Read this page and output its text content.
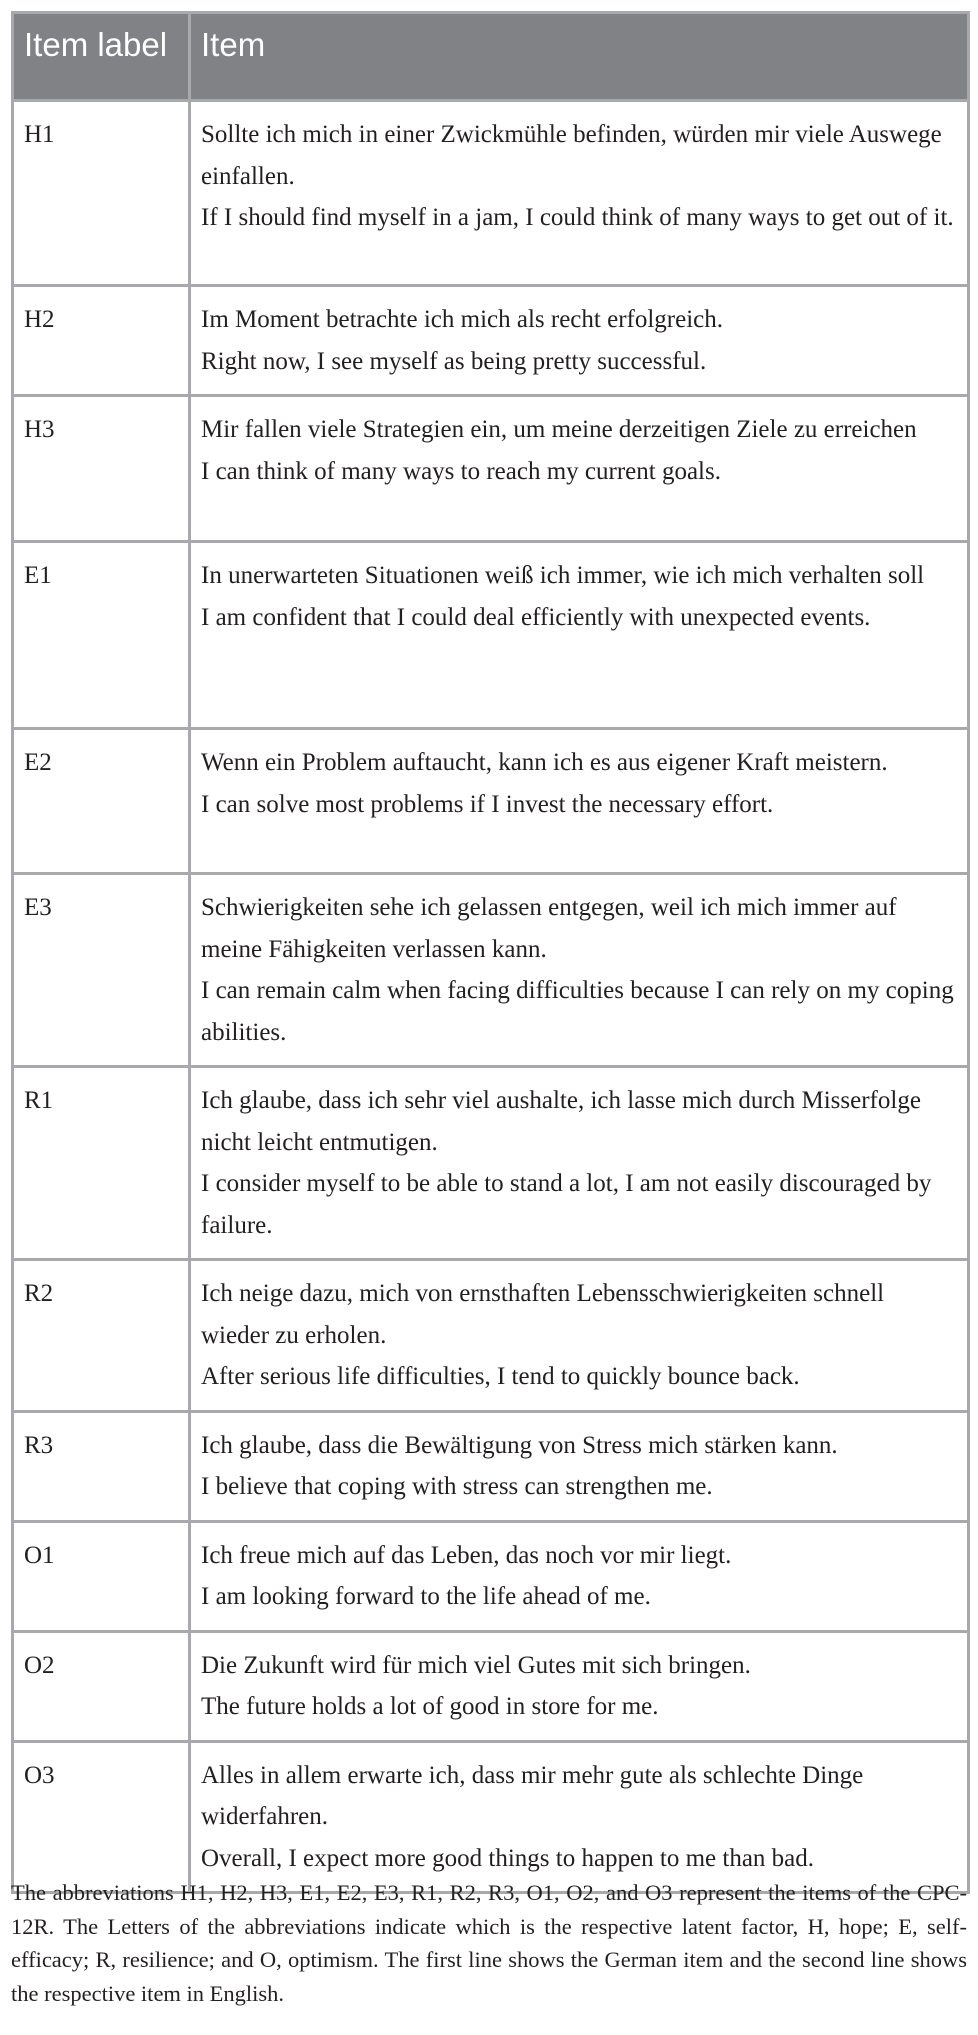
Item label	Item
H1	Sollte ich mich in einer Zwickmühle befinden, würden mir viele Auswege einfallen.
If I should find myself in a jam, I could think of many ways to get out of it.

H2	Im Moment betrachte ich mich als recht erfolgreich.
Right now, I see myself as being pretty successful.

H3	Mir fallen viele Strategien ein, um meine derzeitigen Ziele zu erreichen
I can think of many ways to reach my current goals.

E1	In unerwarteten Situationen weiß ich immer, wie ich mich verhalten soll
I am confident that I could deal efficiently with unexpected events.

E2	Wenn ein Problem auftaucht, kann ich es aus eigener Kraft meistern.
I can solve most problems if I invest the necessary effort.

E3	Schwierigkeiten sehe ich gelassen entgegen, weil ich mich immer auf meine Fähigkeiten verlassen kann.
I can remain calm when facing difficulties because I can rely on my coping abilities.

R1	Ich glaube, dass ich sehr viel aushalte, ich lasse mich durch Misserfolge nicht leicht entmutigen.
I consider myself to be able to stand a lot, I am not easily discouraged by failure.

R2	Ich neige dazu, mich von ernsthaften Lebensschwierigkeiten schnell wieder zu erholen.
After serious life difficulties, I tend to quickly bounce back.

R3	Ich glaube, dass die Bewältigung von Stress mich stärken kann.
I believe that coping with stress can strengthen me.

O1	Ich freue mich auf das Leben, das noch vor mir liegt.
I am looking forward to the life ahead of me.

O2	Die Zukunft wird für mich viel Gutes mit sich bringen.
The future holds a lot of good in store for me.

O3	Alles in allem erwarte ich, dass mir mehr gute als schlechte Dinge widerfahren.
Overall, I expect more good things to happen to me than bad.
The abbreviations H1, H2, H3, E1, E2, E3, R1, R2, R3, O1, O2, and O3 represent the items of the CPC-12R. The Letters of the abbreviations indicate which is the respective latent factor, H, hope; E, self-efficacy; R, resilience; and O, optimism. The first line shows the German item and the second line shows the respective item in English.
